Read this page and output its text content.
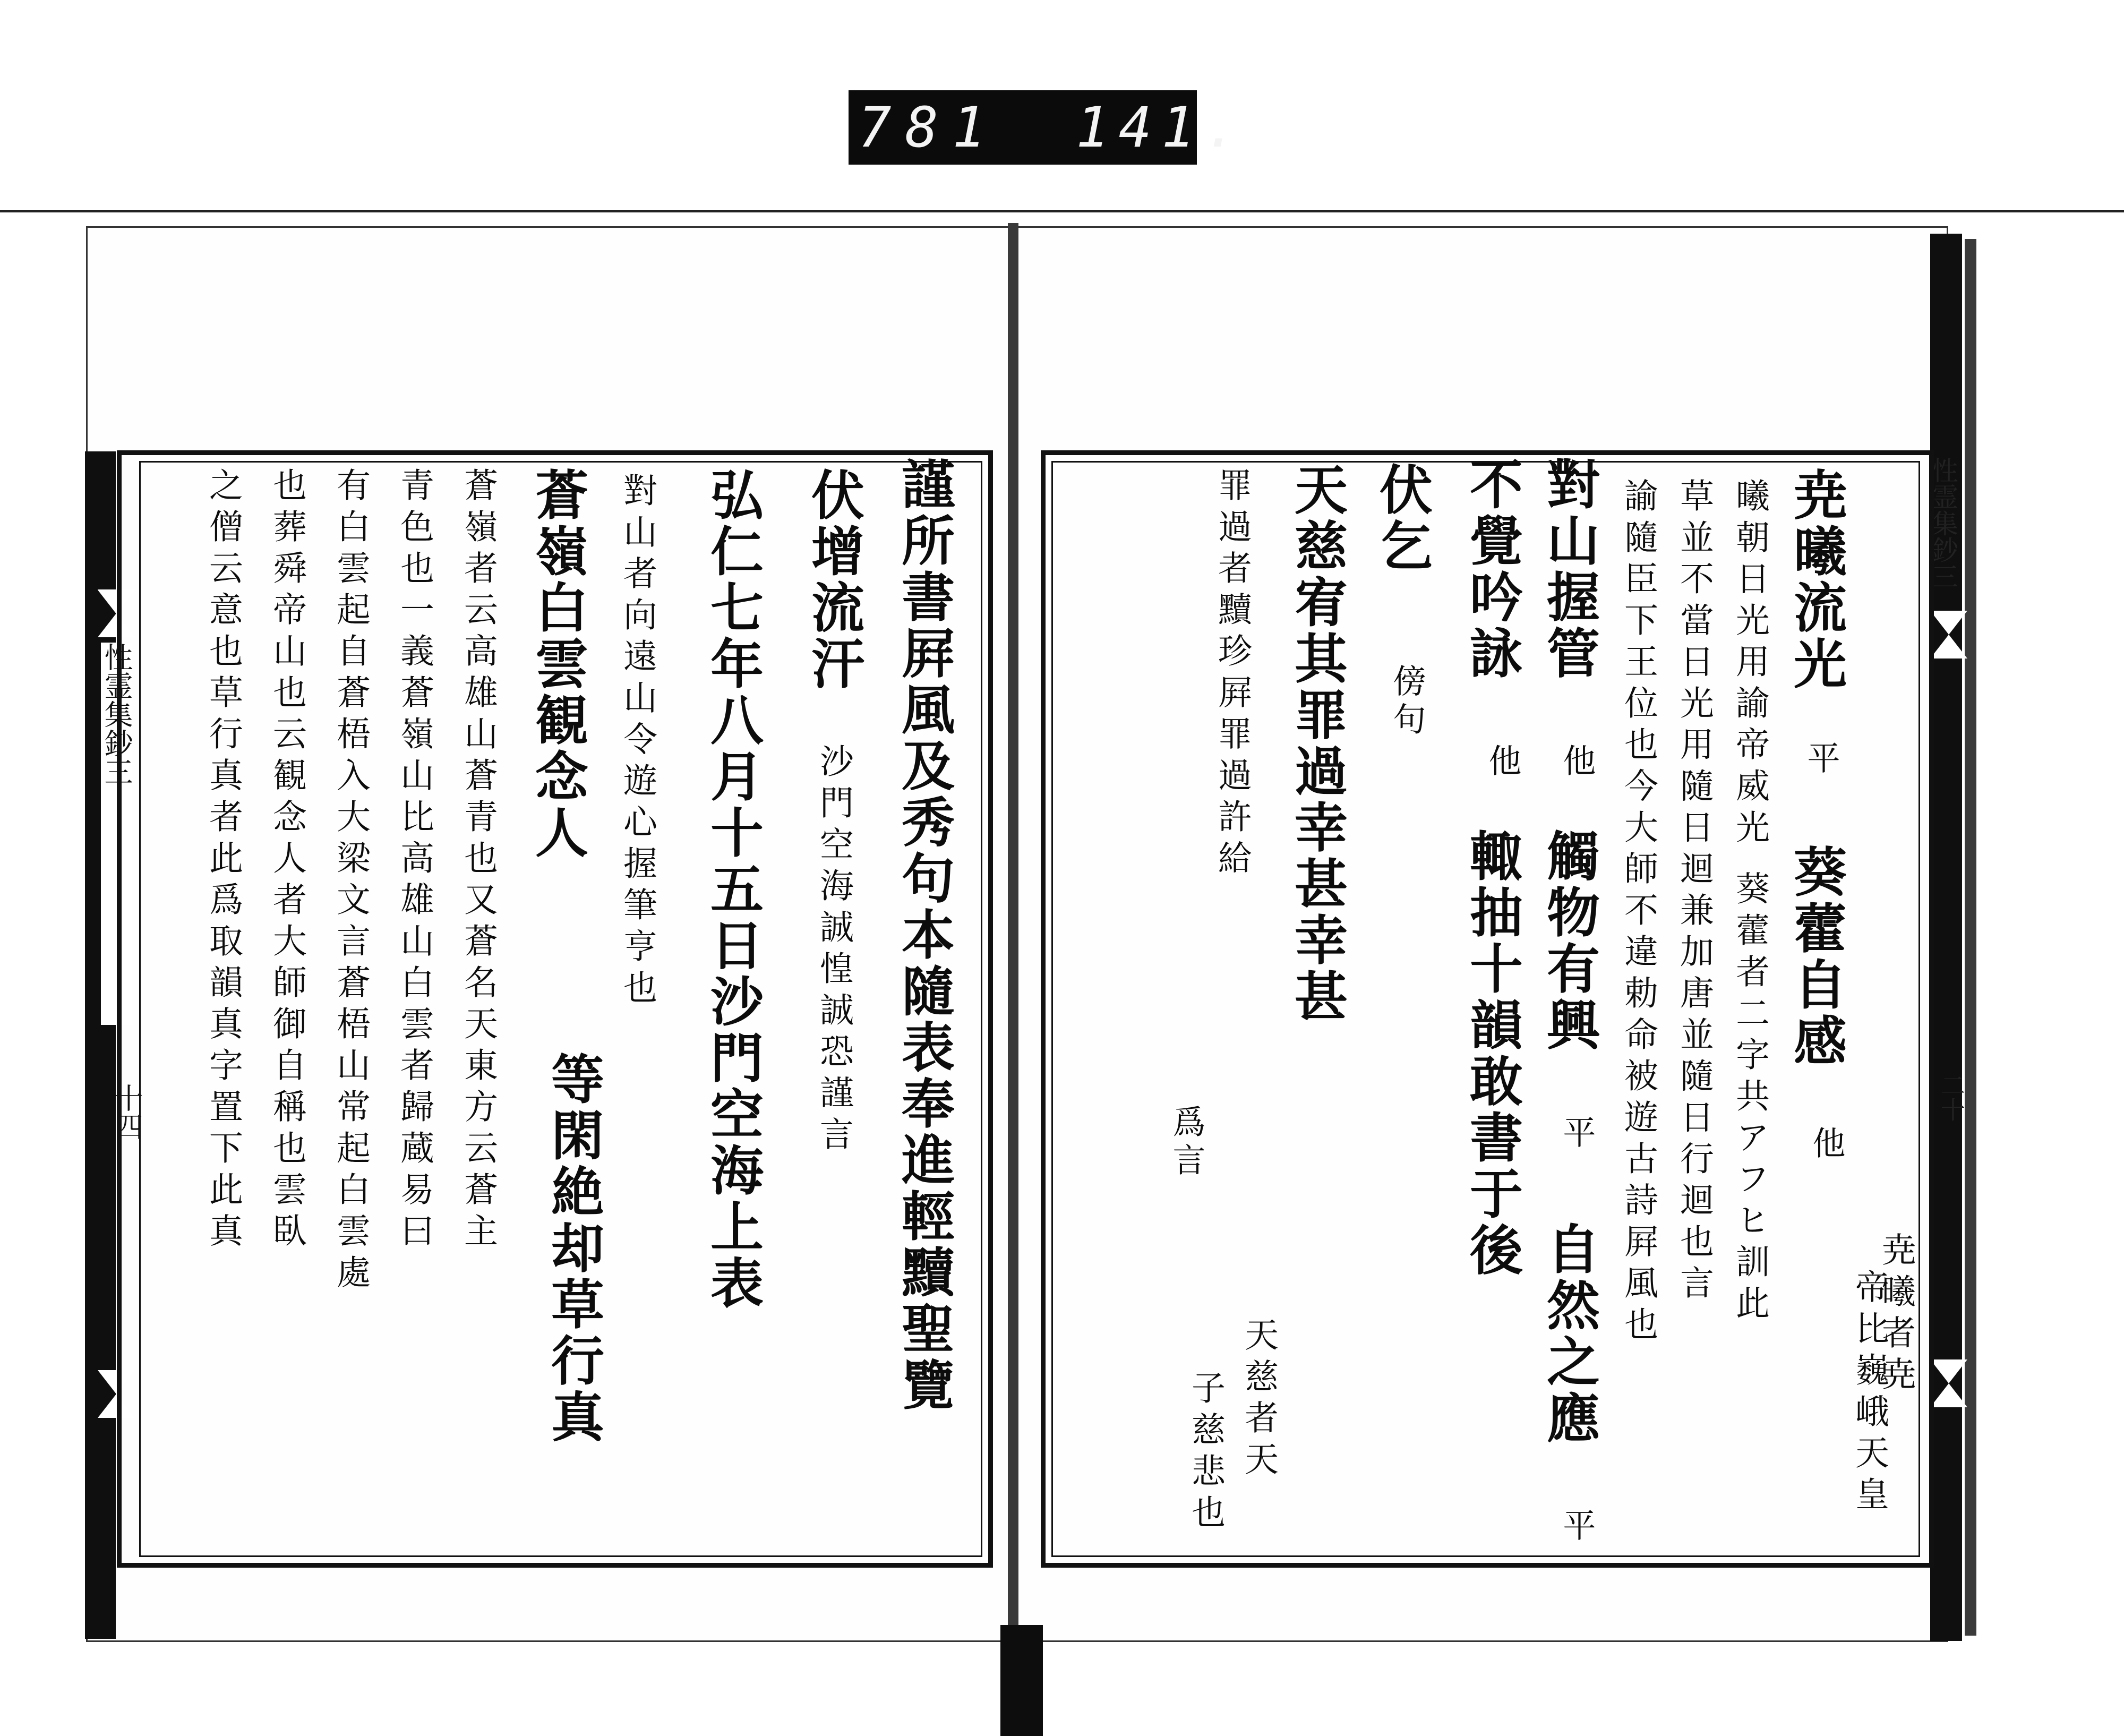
781 141.
性霊集鈔三
十四
性霊集鈔三
二十
尭曦流光
平
曦朝日光用諭帝威光
草並不當日光用隨日迴兼加唐並隨日行迴也言
諭隨臣下王位也今大師不違勅命被遊古詩屛風也
對山握管
他
不覺吟詠
他
伏乞
傍句
天慈宥其罪過幸甚幸甚
罪過者黷珍屛罪過許給
爲言
葵藿自感
他
帝比巍峨天皇
葵藿者二字共アフヒ訓此
觸物有興
平
自然之應
平
輙抽十韻敢書于後
天慈者天
子慈悲也
尭曦者尭
謹所書屛風及秀句本隨表奉進輕黷聖覽
伏增流汗
沙門空海誠惶誠恐謹言
弘仁七年八月十五日沙門空海上表
對山者向遠山令遊心握筆亨也
蒼嶺白雲観念人
等閑絶却草行真
蒼嶺者云高雄山蒼青也又蒼名天東方云蒼主
青色也一義蒼嶺山比高雄山白雲者歸蔵易曰
有白雲起自蒼梧入大梁文言蒼梧山常起白雲處
也葬舜帝山也云観念人者大師御自稱也雲臥
之僧云意也草行真者此爲取韻真字置下此真
